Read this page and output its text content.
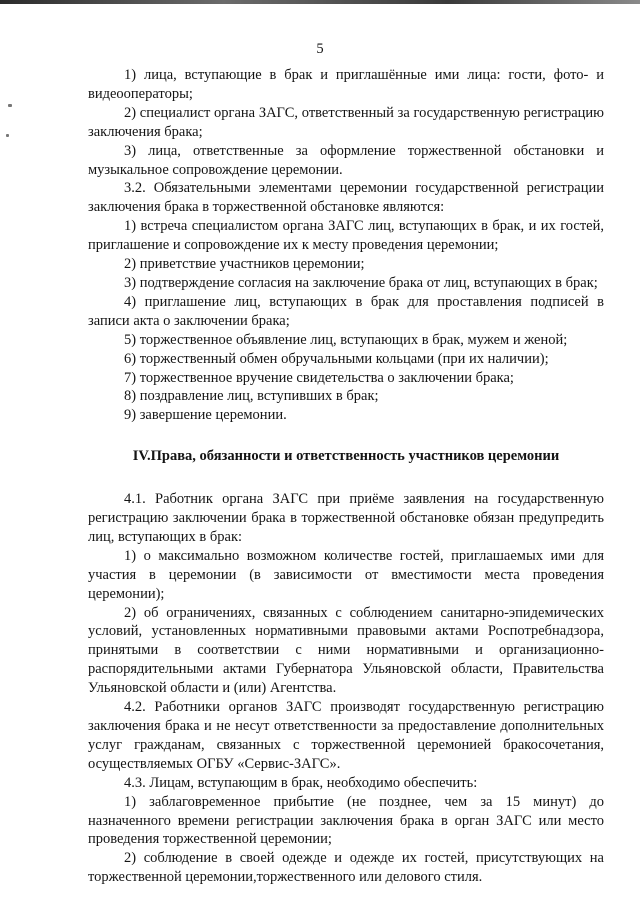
5

1) лица, вступающие в брак и приглашённые ими лица: гости, фото- и видеооператоры;

2) специалист органа ЗАГС, ответственный за государственную регистрацию заключения брака;

3) лица, ответственные за оформление торжественной обстановки и музыкальное сопровождение церемонии.

3.2. Обязательными элементами церемонии государственной регистрации заключения брака в торжественной обстановке являются:

1) встреча специалистом органа ЗАГС лиц, вступающих в брак, и их гостей, приглашение и сопровождение их к месту проведения церемонии;

2) приветствие участников церемонии;

3) подтверждение согласия на заключение брака от лиц, вступающих в брак;

4) приглашение лиц, вступающих в брак для проставления подписей в записи акта о заключении брака;

5) торжественное объявление лиц, вступающих в брак, мужем и женой;

6) торжественный обмен обручальными кольцами (при их наличии);

7) торжественное вручение свидетельства о заключении брака;

8) поздравление лиц, вступивших в брак;

9) завершение церемонии.

IV.Права, обязанности и ответственность участников церемонии

4.1. Работник органа ЗАГС при приёме заявления на государственную регистрацию заключении брака в торжественной обстановке обязан предупредить лиц, вступающих в брак:

1) о максимально возможном количестве гостей, приглашаемых ими для участия в церемонии (в зависимости от вместимости места проведения церемонии);

2) об ограничениях, связанных с соблюдением санитарно-эпидемических условий, установленных нормативными правовыми актами Роспотребнадзора, принятыми в соответствии с ними нормативными и организационно-распорядительными актами Губернатора Ульяновской области, Правительства Ульяновской области и (или) Агентства.

4.2. Работники органов ЗАГС производят государственную регистрацию заключения брака и не несут ответственности за предоставление дополнительных услуг гражданам, связанных с торжественной церемонией бракосочетания, осуществляемых ОГБУ «Сервис-ЗАГС».

4.3. Лицам, вступающим в брак, необходимо обеспечить:

1) заблаговременное прибытие (не позднее, чем за 15 минут) до назначенного времени регистрации заключения брака в орган ЗАГС или место проведения торжественной церемонии;

2) соблюдение в своей одежде и одежде их гостей, присутствующих на торжественной церемонии,торжественного или делового стиля.
